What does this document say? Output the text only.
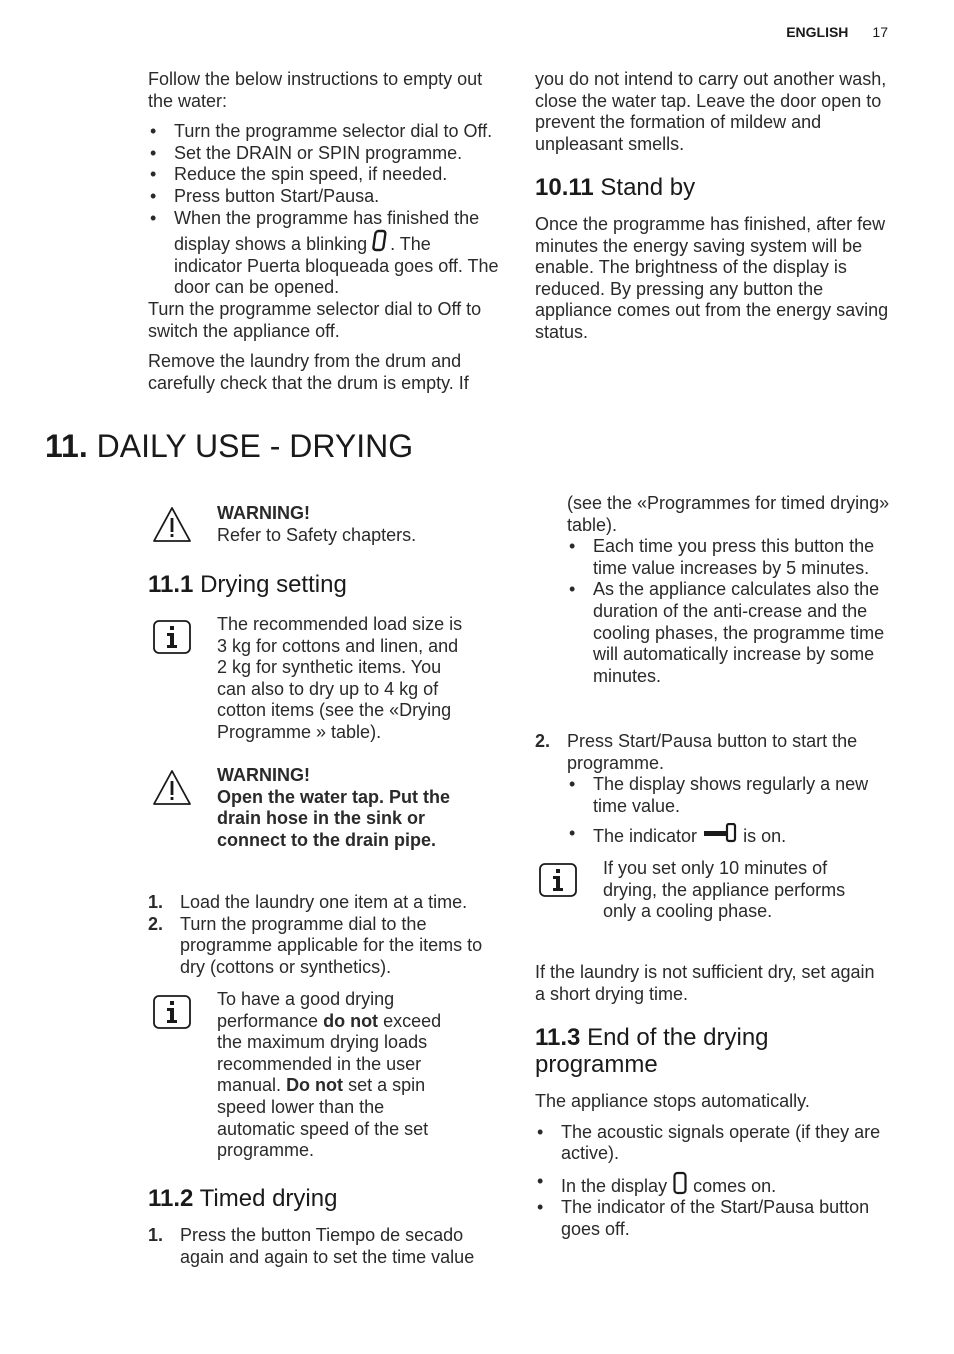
ENGLISH 17

Follow the below instructions to empty out the water:

• Turn the programme selector dial to Off.
• Set the DRAIN or SPIN programme.
• Reduce the spin speed, if needed.
• Press button Start/Pausa.
• When the programme has finished the display shows a blinking . The indicator Puerta bloqueada goes off. The door can be opened.

Turn the programme selector dial to Off to switch the appliance off.

Remove the laundry from the drum and carefully check that the drum is empty. If

you do not intend to carry out another wash, close the water tap. Leave the door open to prevent the formation of mildew and unpleasant smells.

10.11 Stand by

Once the programme has finished, after few minutes the energy saving system will be enable. The brightness of the display is reduced. By pressing any button the appliance comes out from the energy saving status.

11. DAILY USE - DRYING

WARNING!

Refer to Safety chapters.

11.1 Drying setting

The recommended load size is 3 kg for cottons and linen, and 2 kg for synthetic items. You can also to dry up to 4 kg of cotton items (see the «Drying Programme » table).

WARNING!

Open the water tap. Put the drain hose in the sink or connect to the drain pipe.

1. Load the laundry one item at a time.
2. Turn the programme dial to the programme applicable for the items to dry (cottons or synthetics).

To have a good drying performance do not exceed the maximum drying loads recommended in the user manual. Do not set a spin speed lower than the automatic speed of the set programme.

11.2 Timed drying
1. Press the button Tiempo de secado again and again to set the time value

(see the «Programmes for timed drying» table).

• Each time you press this button the time value increases by 5 minutes.
• As the appliance calculates also the duration of the anti-crease and the cooling phases, the programme time will automatically increase by some minutes.
2. Press Start/Pausa button to start the programme.
• The display shows regularly a new time value.
• The indicator	is on.

If you set only 10 minutes of drying, the appliance performs only a cooling phase.

If the laundry is not sufficient dry, set again a short drying time.

11.3 End of the drying programme

The appliance stops automatically.

• The acoustic signals operate (if they are active).
• In the display comes on.
• The indicator of the Start/Pausa button goes off.
